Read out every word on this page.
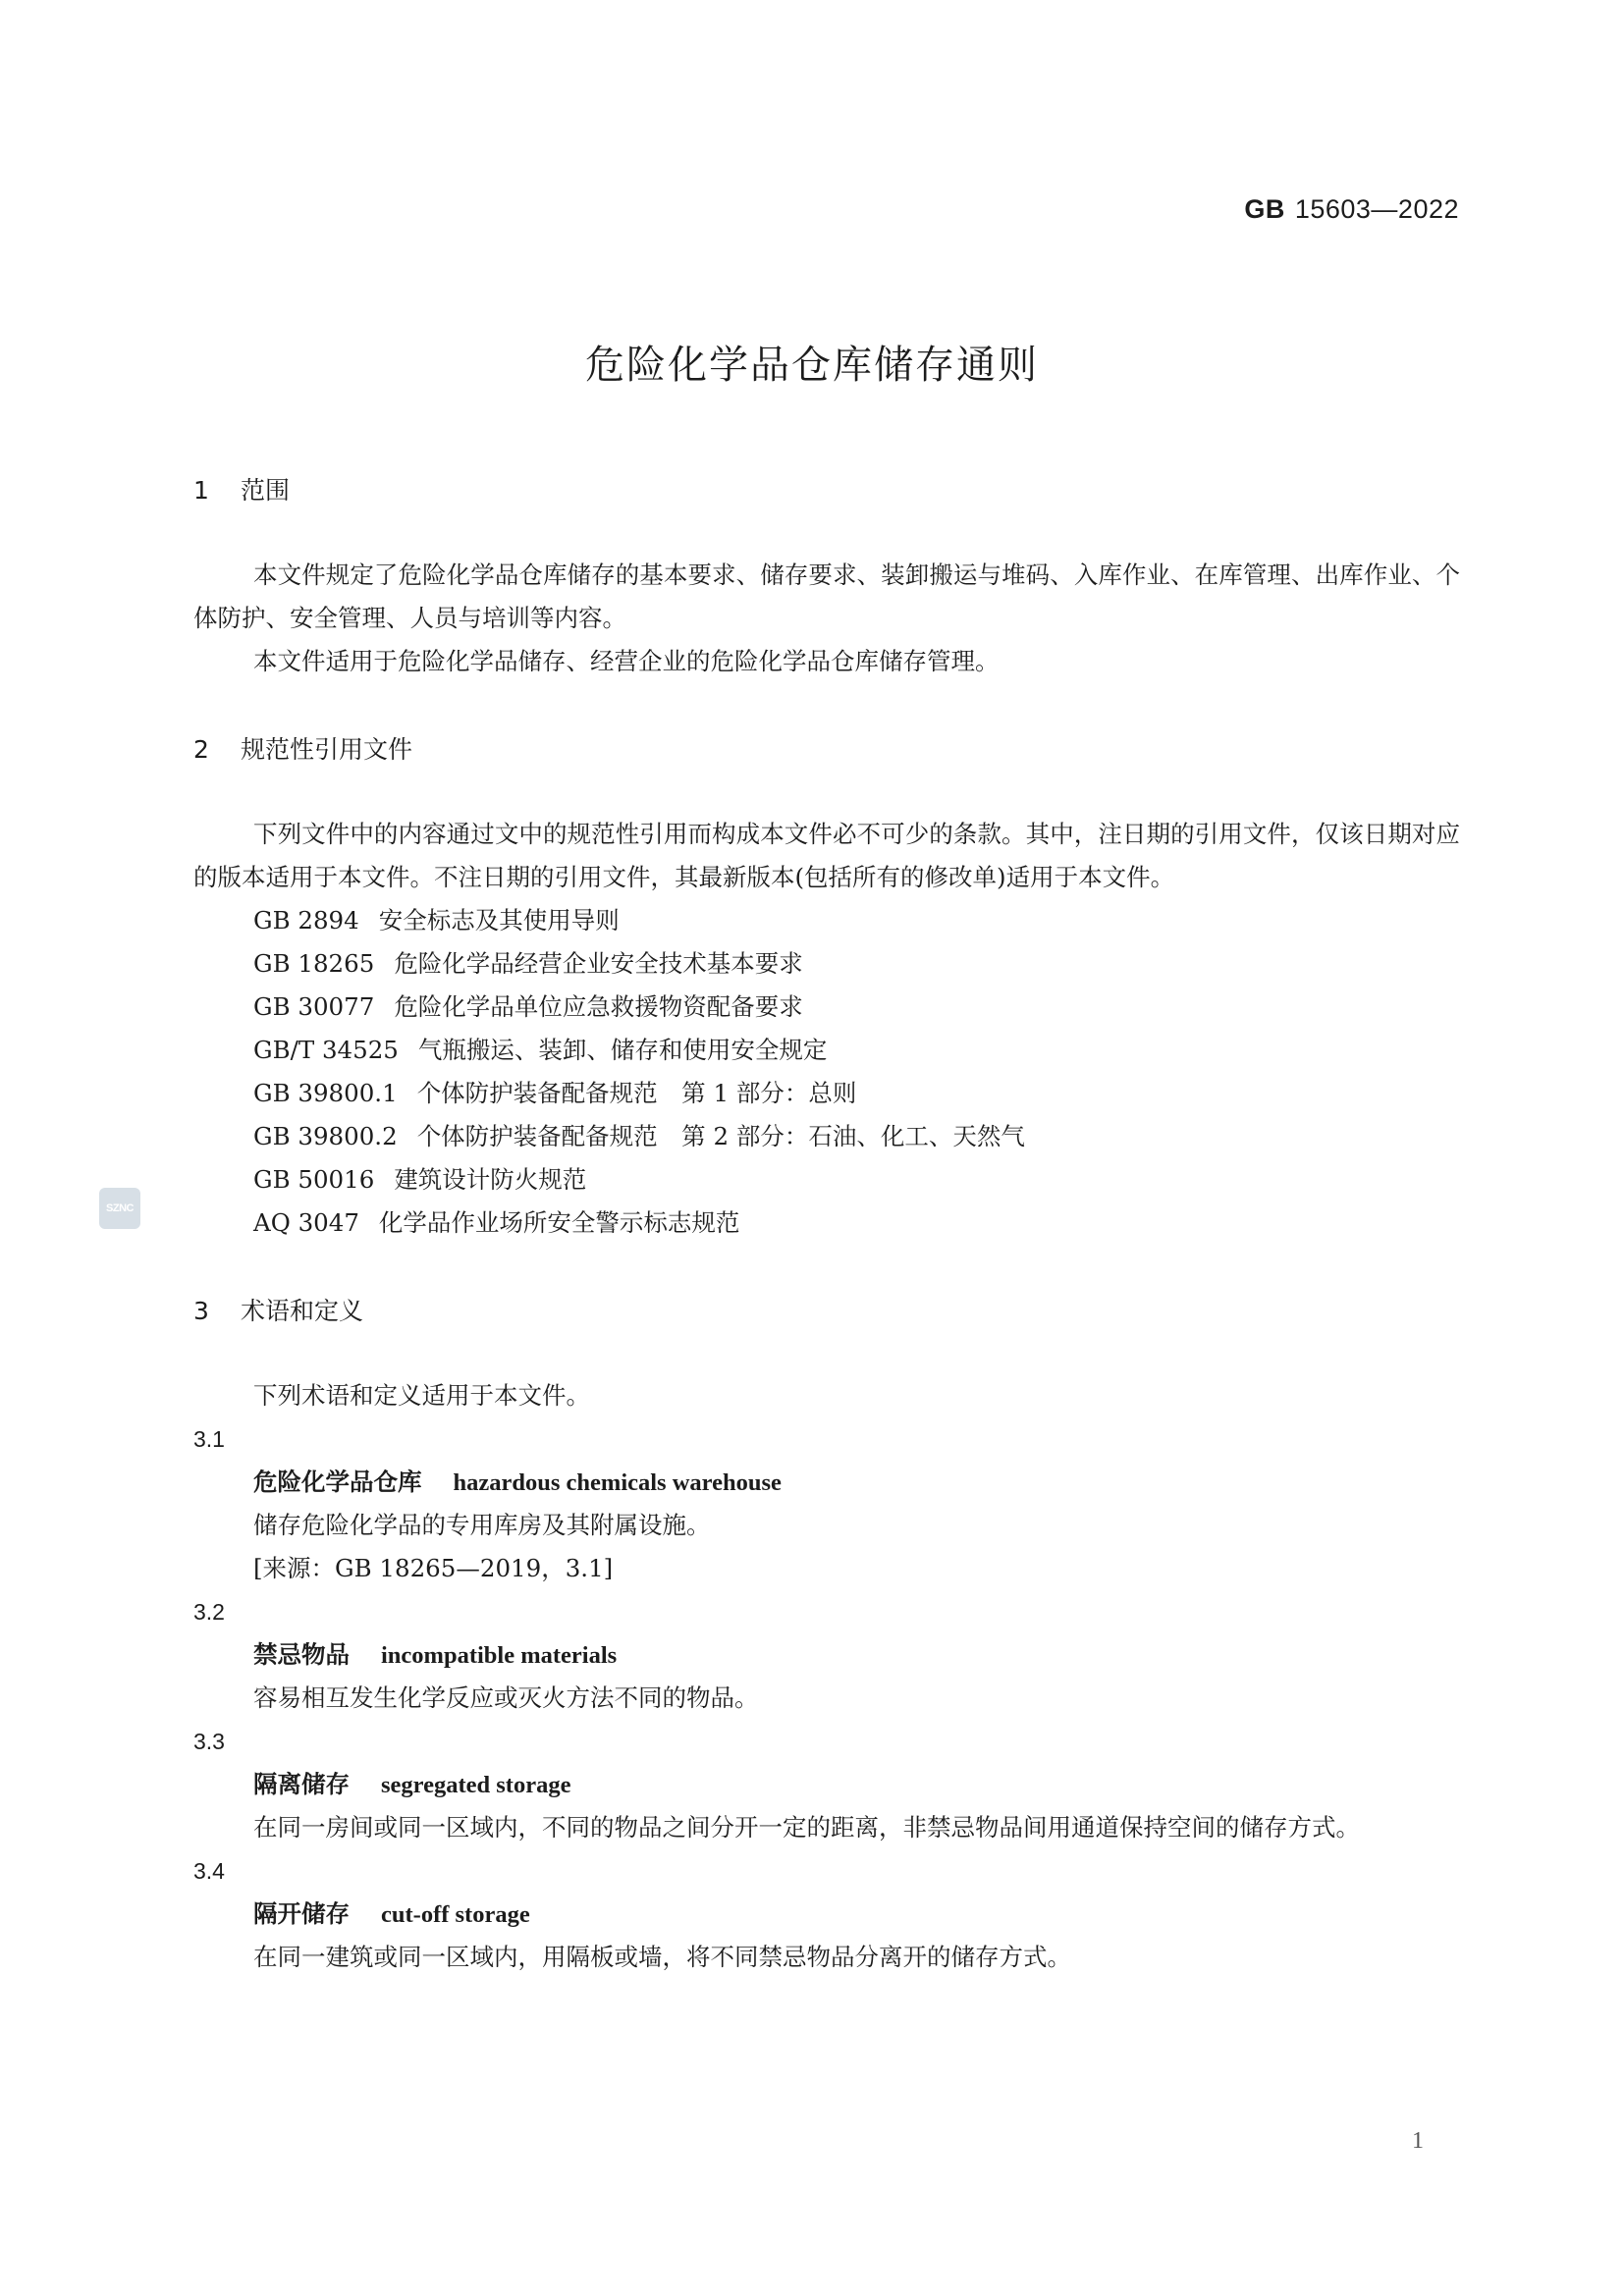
GB 15603—2022
危险化学品仓库储存通则
SZNC
1 范围

本文件规定了危险化学品仓库储存的基本要求、储存要求、装卸搬运与堆码、入库作业、在库管理、出库作业、个体防护、安全管理、人员与培训等内容。

本文件适用于危险化学品储存、经营企业的危险化学品仓库储存管理。

2 规范性引用文件

下列文件中的内容通过文中的规范性引用而构成本文件必不可少的条款。其中，注日期的引用文件，仅该日期对应的版本适用于本文件。不注日期的引用文件，其最新版本(包括所有的修改单)适用于本文件。

GB 2894 安全标志及其使用导则
GB 18265 危险化学品经营企业安全技术基本要求
GB 30077 危险化学品单位应急救援物资配备要求
GB/T 34525 气瓶搬运、装卸、储存和使用安全规定
GB 39800.1 个体防护装备配备规范　第 1 部分：总则
GB 39800.2 个体防护装备配备规范　第 2 部分：石油、化工、天然气
GB 50016 建筑设计防火规范
AQ 3047 化学品作业场所安全警示标志规范
3 术语和定义

下列术语和定义适用于本文件。

3.1
危险化学品仓库 hazardous chemicals warehouse
储存危险化学品的专用库房及其附属设施。
[来源：GB 18265—2019，3.1]
3.2
禁忌物品 incompatible materials
容易相互发生化学反应或灭火方法不同的物品。
3.3
隔离储存 segregated storage
在同一房间或同一区域内，不同的物品之间分开一定的距离，非禁忌物品间用通道保持空间的储存方式。
3.4
隔开储存 cut-off storage
在同一建筑或同一区域内，用隔板或墙，将不同禁忌物品分离开的储存方式。
1
